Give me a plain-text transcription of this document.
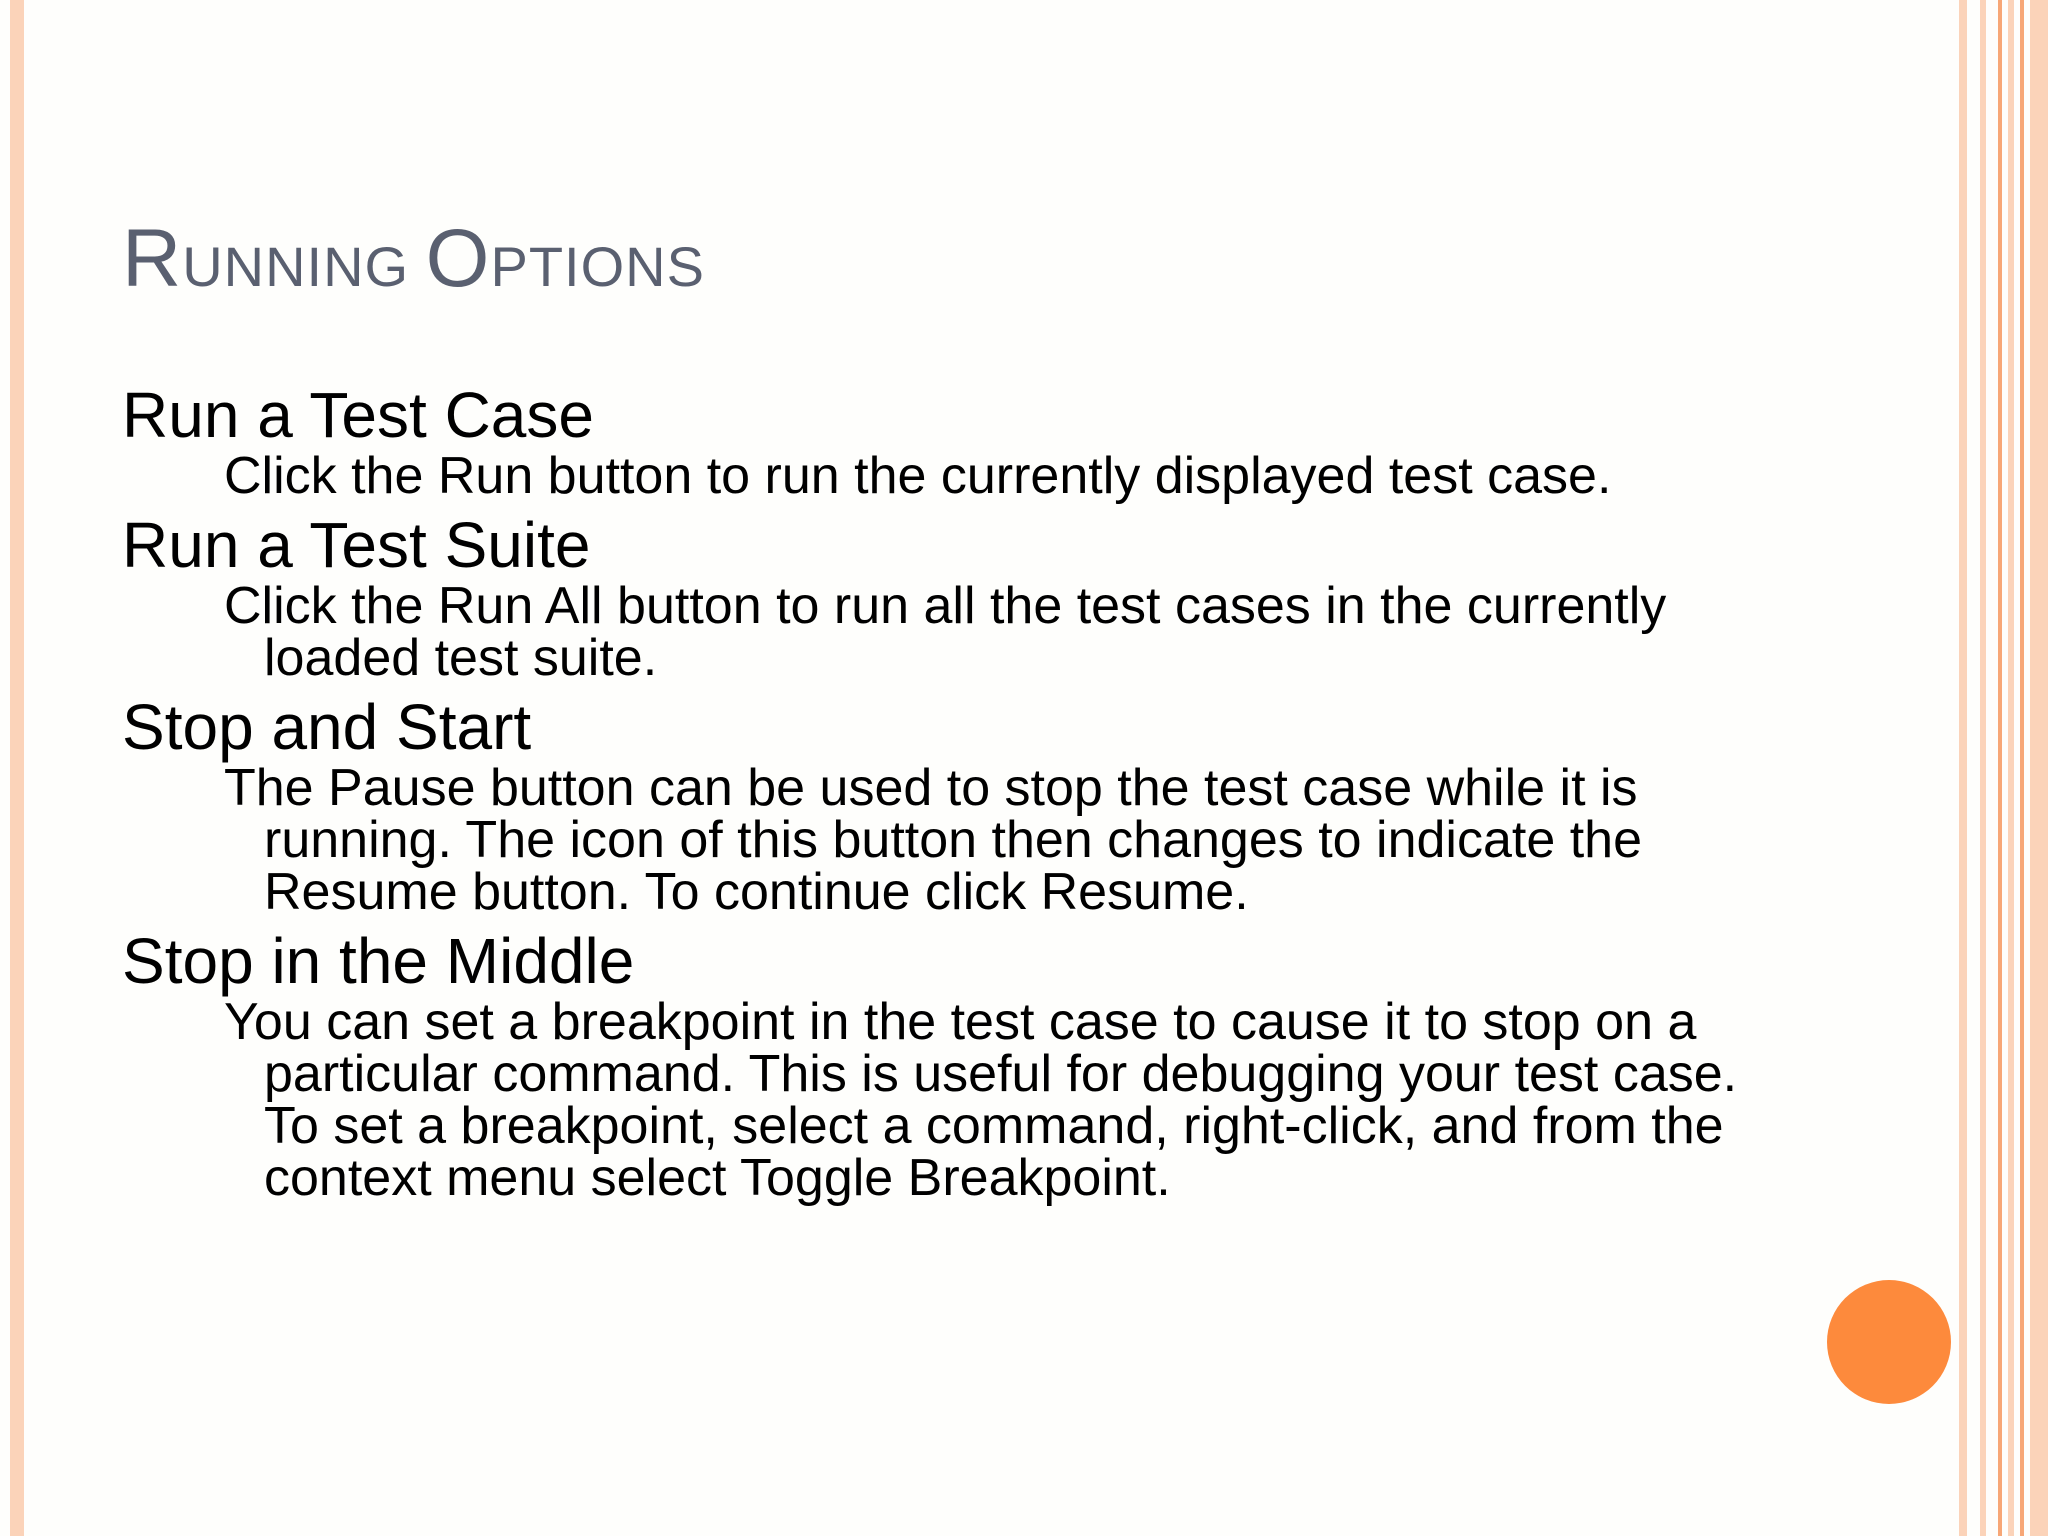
RUNNING OPTIONS

Run a Test Case

Click the Run button to run the currently displayed test case.

Run a Test Suite

Click the Run All button to run all the test cases in the currently loaded test suite.

Stop and Start

The Pause button can be used to stop the test case while it is running. The icon of this button then changes to indicate the Resume button. To continue click Resume.

Stop in the Middle

You can set a breakpoint in the test case to cause it to stop on a particular command. This is useful for debugging your test case. To set a breakpoint, select a command, right-click, and from the context menu select Toggle Breakpoint.
